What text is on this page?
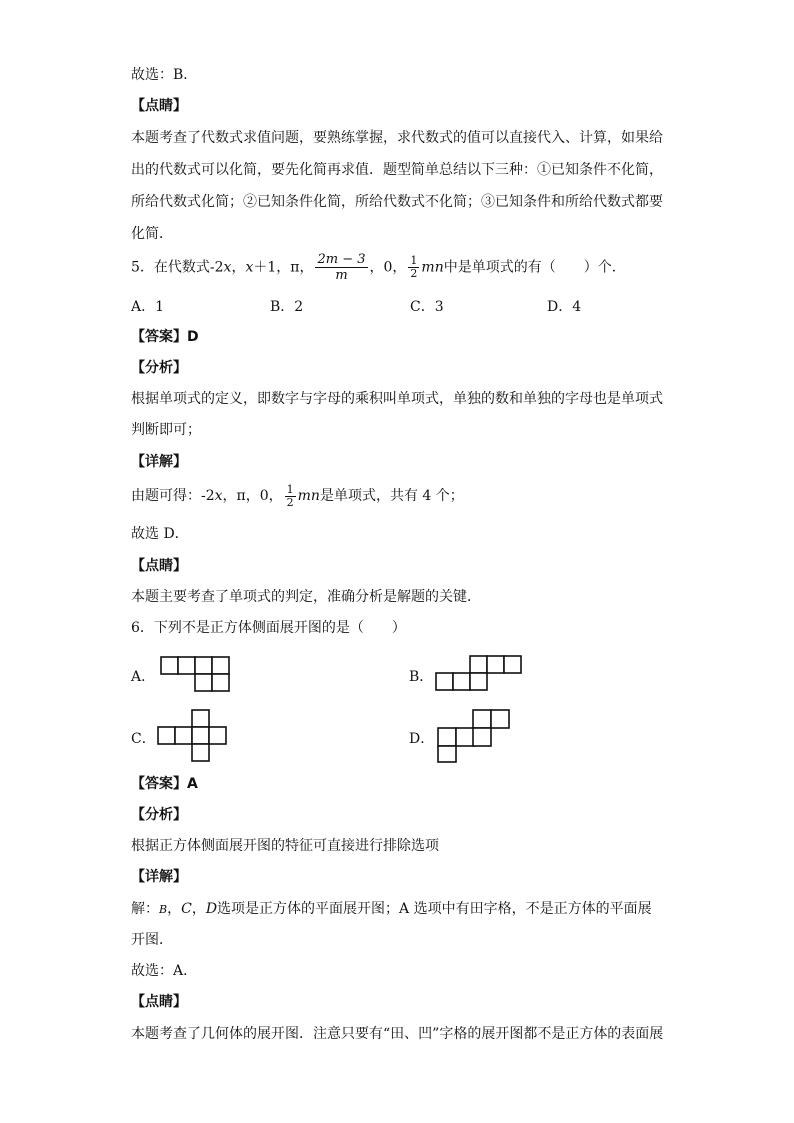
故选：B．
【点睛】
本题考查了代数式求值问题，要熟练掌握，求代数式的值可以直接代入、计算，如果给
出的代数式可以化简，要先化简再求值．题型简单总结以下三种：①已知条件不化简，
所给代数式化简；②已知条件化简，所给代数式不化简；③已知条件和所给代数式都要
化简．
5．在代数式-2x，x＋1，π， $\frac{2m - 3}{m}$ ，0， $\frac{1}{2}$ mn中是单项式的有（　　）个．
A．1	B．2	C．3	D．4
【答案】D
【分析】
根据单项式的定义，即数字与字母的乘积叫单项式，单独的数和单独的字母也是单项式
判断即可；
【详解】
由题可得：-2x，π，0， $\frac{1}{2}$ mn是单项式，共有 4 个；
故选 D．
【点睛】
本题主要考查了单项式的判定，准确分析是解题的关键．
6．下列不是正方体侧面展开图的是（　　）
A．	B．
C．	D．
【答案】A
【分析】
根据正方体侧面展开图的特征可直接进行排除选项
【详解】
解：B，C，D选项是正方体的平面展开图；A 选项中有田字格，不是正方体的平面展
开图．
故选：A．
【点睛】
本题考查了几何体的展开图．注意只要有“田、凹”字格的展开图都不是正方体的表面展
